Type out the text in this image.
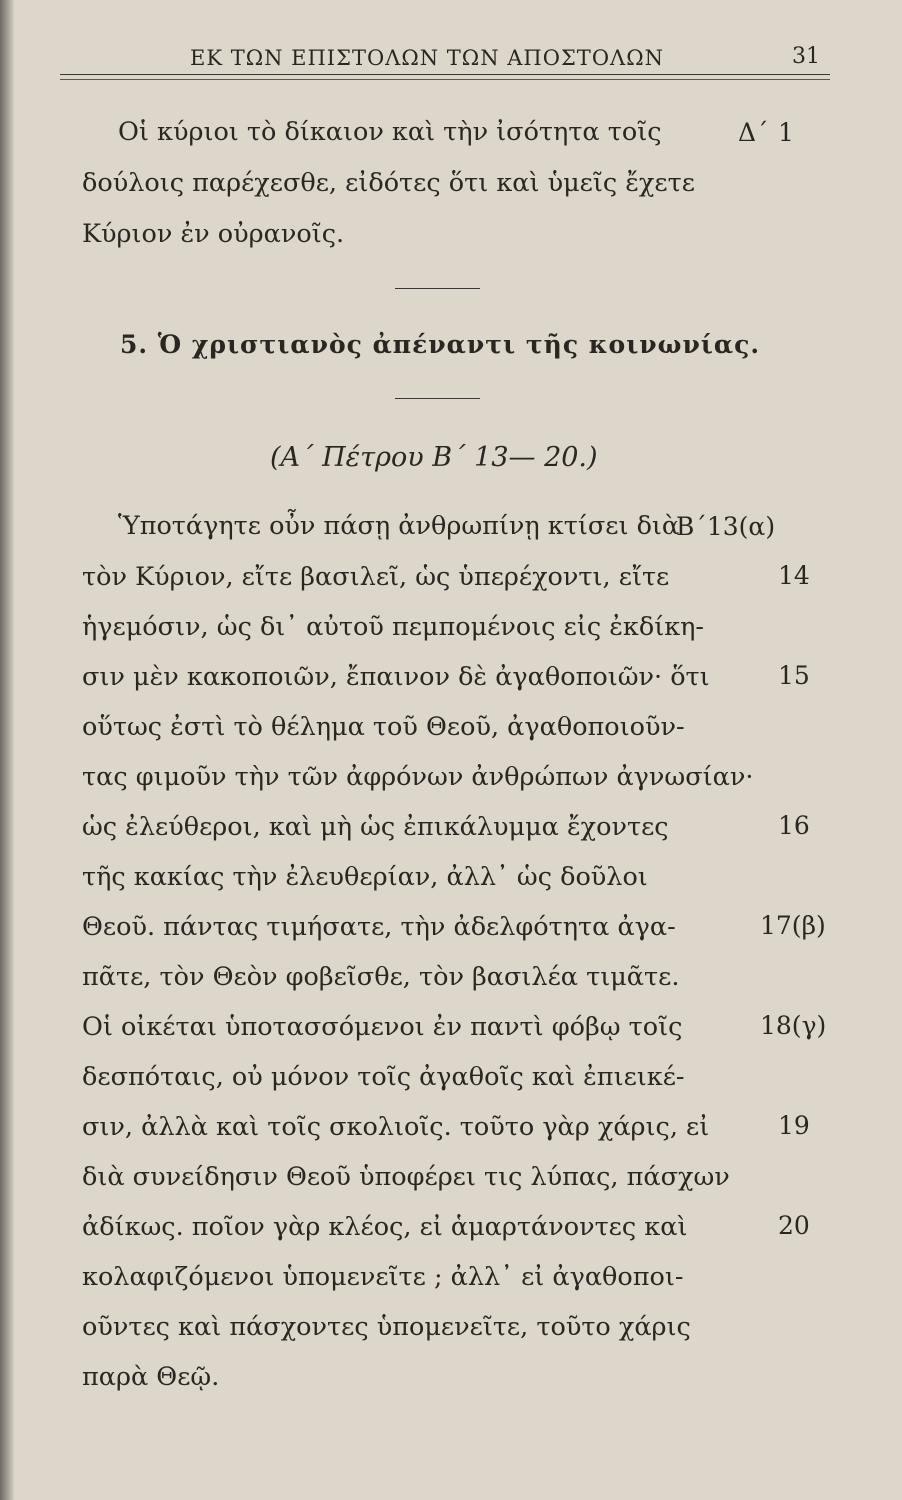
ΕΚ ΤΩΝ ΕΠΙΣΤΟΛΩΝ ΤΩΝ ΑΠΟΣΤΟΛΩΝ	31
Οἱ κύριοι τὸ δίκαιον καὶ τὴν ἰσότητα τοῖς	Δ´ 1
δούλοις παρέχεσθε, εἰδότες ὅτι καὶ ὑμεῖς ἔχετε
Κύριον ἐν οὐρανοῖς.
5. Ὁ χριστιανὸς ἀπέναντι τῆς κοινωνίας.
(Α´ Πέτρου Β´ 13— 20.)
Ὑποτάγητε οὖν πάσῃ ἀνθρωπίνῃ κτίσει διὰ
Β´13(α)
τὸν Κύριον, εἴτε βασιλεῖ, ὡς ὑπερέχοντι, εἴτε	14
ἡγεμόσιν, ὡς δι᾿ αὐτοῦ πεμπομένοις εἰς ἐκδίκη-
σιν μὲν κακοποιῶν, ἔπαινον δὲ ἀγαθοποιῶν· ὅτι	15
οὕτως ἐστὶ τὸ θέλημα τοῦ Θεοῦ, ἀγαθοποιοῦν-
τας φιμοῦν τὴν τῶν ἀφρόνων ἀνθρώπων ἀγνωσίαν·
ὡς ἐλεύθεροι, καὶ μὴ ὡς ἐπικάλυμμα ἔχοντες	16
τῆς κακίας τὴν ἐλευθερίαν, ἀλλ᾿ ὡς δοῦλοι
Θεοῦ. πάντας τιμήσατε, τὴν ἀδελφότητα ἀγα-	17(β)
πᾶτε, τὸν Θεὸν φοβεῖσθε, τὸν βασιλέα τιμᾶτε.
Οἱ οἰκέται ὑποτασσόμενοι ἐν παντὶ φόβῳ τοῖς	18(γ)
δεσπόταις, οὐ μόνον τοῖς ἀγαθοῖς καὶ ἐπιεικέ-
σιν, ἀλλὰ καὶ τοῖς σκολιοῖς. τοῦτο γὰρ χάρις, εἰ	19
διὰ συνείδησιν Θεοῦ ὑποφέρει τις λύπας, πάσχων
ἀδίκως. ποῖον γὰρ κλέος, εἰ ἁμαρτάνοντες καὶ	20
κολαφιζόμενοι ὑπομενεῖτε ; ἀλλ᾿ εἰ ἀγαθοποι-
οῦντες καὶ πάσχοντες ὑπομενεῖτε, τοῦτο χάρις
παρὰ Θεῷ.
